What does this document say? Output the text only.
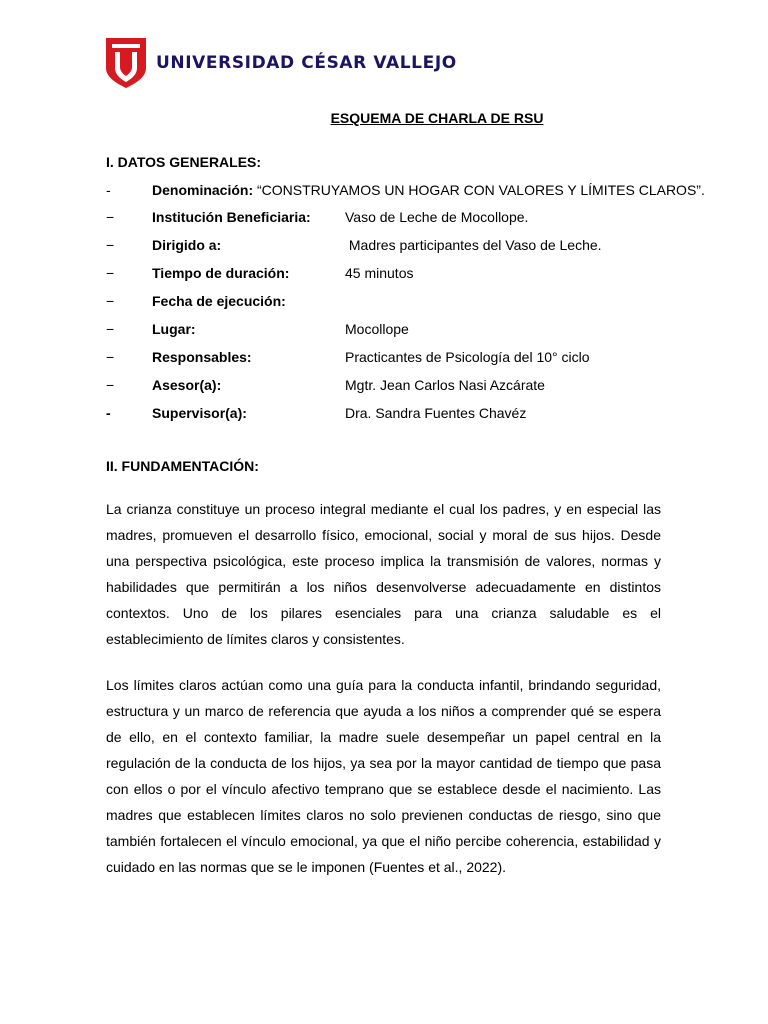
UNIVERSIDAD CÉSAR VALLEJO
ESQUEMA DE CHARLA DE RSU
I. DATOS GENERALES:
-	Denominación: “CONSTRUYAMOS UN HOGAR CON VALORES Y LÍMITES CLAROS”.
−	Institución Beneficiaria: Vaso de Leche de Mocollope.
−	Dirigido a:	Madres participantes del Vaso de Leche.
−	Tiempo de duración:	45 minutos
−	Fecha de ejecución:
−	Lugar:	Mocollope
−	Responsables:	Practicantes de Psicología del 10° ciclo
−	Asesor(a):	Mgtr. Jean Carlos Nasi Azcárate
-	Supervisor(a):	Dra. Sandra Fuentes Chavéz
II. FUNDAMENTACIÓN:

La crianza constituye un proceso integral mediante el cual los padres, y en especial las madres, promueven el desarrollo físico, emocional, social y moral de sus hijos. Desde una perspectiva psicológica, este proceso implica la transmisión de valores, normas y habilidades que permitirán a los niños desenvolverse adecuadamente en distintos contextos. Uno de los pilares esenciales para una crianza saludable es el establecimiento de límites claros y consistentes.

Los límites claros actúan como una guía para la conducta infantil, brindando seguridad, estructura y un marco de referencia que ayuda a los niños a comprender qué se espera de ello, en el contexto familiar, la madre suele desempeñar un papel central en la regulación de la conducta de los hijos, ya sea por la mayor cantidad de tiempo que pasa con ellos o por el vínculo afectivo temprano que se establece desde el nacimiento. Las madres que establecen límites claros no solo previenen conductas de riesgo, sino que también fortalecen el vínculo emocional, ya que el niño percibe coherencia, estabilidad y cuidado en las normas que se le imponen (Fuentes et al., 2022).
